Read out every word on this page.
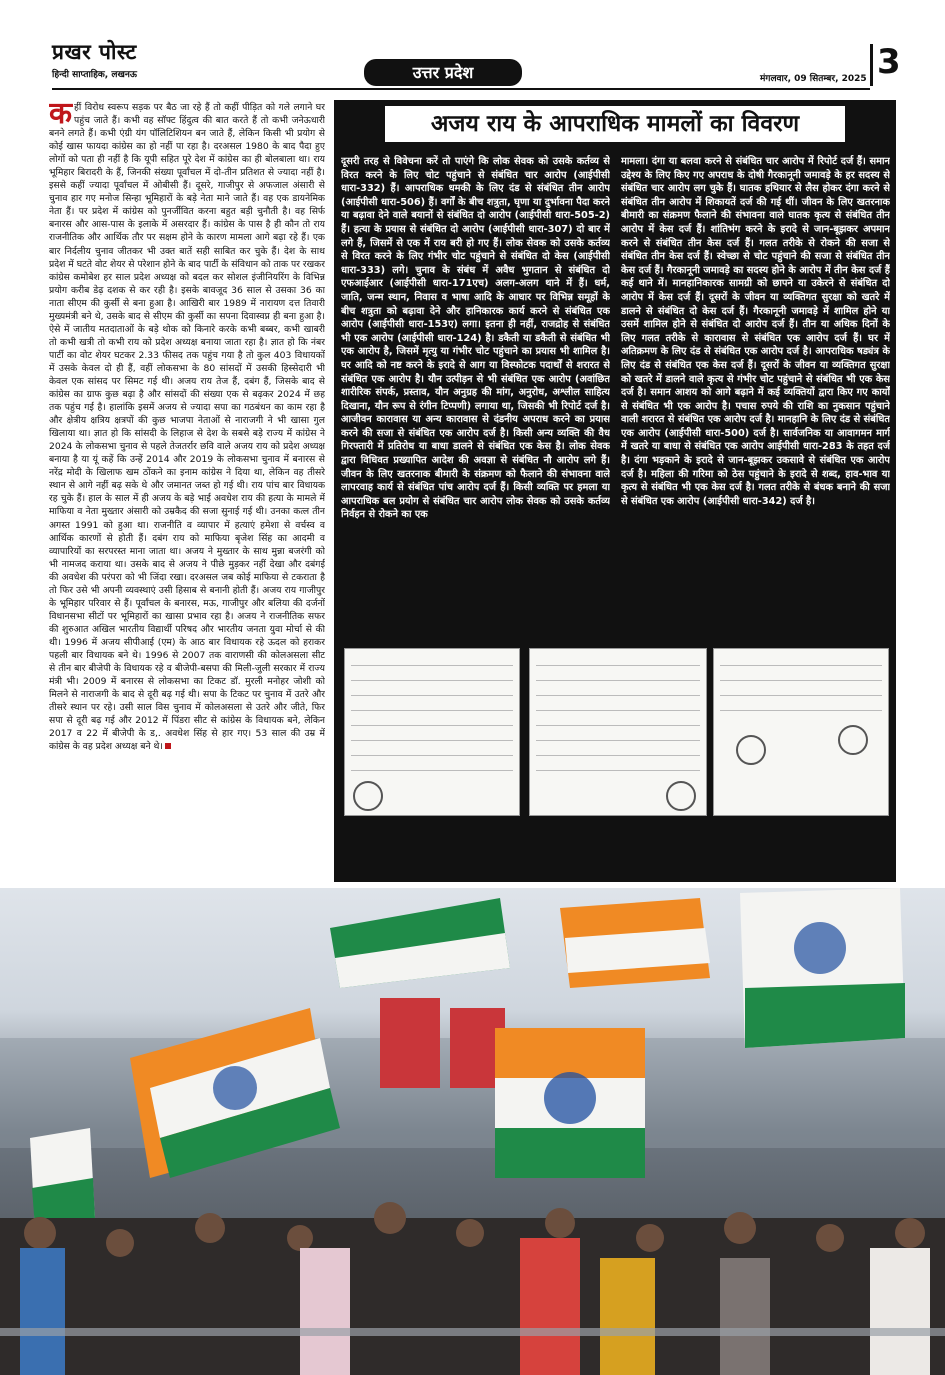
प्रखर पोस्ट
हिन्दी साप्ताहिक, लखनऊ	उत्तर प्रदेश	मंगलवार, 09 सितम्बर, 2025 3
कहीं विरोध स्वरूप सड़क पर बैठ जा रहे हैं तो कहीं पीड़ित को गले लगाने घर पहुंच जाते हैं। कभी वह सॉफ्ट हिंदुत्व की बात करते हैं तो कभी जनेऊधारी बनने लगते हैं। कभी एंग्री यंग पॉलिटिशियन बन जाते हैं, लेकिन किसी भी प्रयोग से कोई खास फायदा कांग्रेस का हो नहीं पा रहा है। दरअसल 1980 के बाद पैदा हुए लोगों को पता ही नहीं है कि यूपी सहित पूरे देश में कांग्रेस का ही बोलबाला था। राय भूमिहार बिरादरी के हैं, जिनकी संख्या पूर्वांचल में दो-तीन प्रतिशत से ज्यादा नहीं है। इससे कहीं ज्यादा पूर्वांचल में ओबीसी हैं। दूसरे, गाजीपुर से अफजाल अंसारी से चुनाव हार गए मनोज सिन्हा भूमिहारों के बड़े नेता माने जाते हैं। वह एक डायनेमिक नेता हैं। पर प्रदेश में कांग्रेस को पुनर्जीवित करना बहुत बड़ी चुनौती है। वह सिर्फ बनारस और आस-पास के इलाके में असरदार हैं। कांग्रेस के पास है ही कौन तो राय राजनीतिक और आर्थिक तौर पर सक्षम होने के कारण मामला आगे बढ़ा रहे हैं। एक बार निर्दलीय चुनाव जीतकर भी उक्त बातें सही साबित कर चुके हैं। देश के साथ प्रदेश में घटते वोट शेयर से परेशान होने के बाद पार्टी के संविधान को ताक पर रखकर कांग्रेस कमोबेश हर साल प्रदेश अध्यक्ष को बदल कर सोशल इंजीनियरिंग के विभिन्न प्रयोग करीब डेढ़ दशक से कर रही है। इसके बावजूद 36 साल से उसका 36 का नाता सीएम की कुर्सी से बना हुआ है। आखिरी बार 1989 में नारायण दत्त तिवारी मुख्यमंत्री बने थे, उसके बाद से सीएम की कुर्सी का सपना दिवास्वप्न ही बना हुआ है। ऐसे में जातीय मतदाताओं के बड़े थोक को किनारे करके कभी बब्बर, कभी खाबरी तो कभी खत्री तो कभी राय को प्रदेश अध्यक्ष बनाया जाता रहा है। ज्ञात हो कि नंबर पार्टी का वोट शेयर घटकर 2.33 फीसद तक पहुंच गया है तो कुल 403 विधायकों में उसके केवल दो ही हैं, वहीं लोकसभा के 80 सांसदों में उसकी हिस्सेदारी भी केवल एक सांसद पर सिमट गई थी। अजय राय तेज हैं, दबंग हैं, जिसके बाद से कांग्रेस का ग्राफ कुछ बढ़ा है और सांसदों की संख्या एक से बढ़कर 2024 में छह तक पहुंच गई है। हालांकि इसमें अजय से ज्यादा सपा का गठबंधन का काम रहा है और क्षेत्रीय क्षत्रिय क्षत्रपों की कुछ भाजपा नेताओं से नाराजगी ने भी खासा गुल खिलाया था। ज्ञात हो कि सांसदी के लिहाज से देश के सबसे बड़े राज्य में कांग्रेस ने 2024 के लोकसभा चुनाव से पहले तेजतर्रार छवि वाले अजय राय को प्रदेश अध्यक्ष बनाया है या यूं कहें कि उन्हें 2014 और 2019 के लोकसभा चुनाव में बनारस से नरेंद्र मोदी के खिलाफ खम ठोंकने का इनाम कांग्रेस ने दिया था, लेकिन वह तीसरे स्थान से आगे नहीं बढ़ सके थे और जमानत जब्त हो गई थी। राय पांच बार विधायक रह चुके हैं। हाल के साल में ही अजय के बड़े भाई अवधेश राय की हत्या के मामले में माफिया व नेता मुख्तार अंसारी को उम्रकैद की सजा सुनाई गई थी। उनका कत्ल तीन अगस्त 1991 को हुआ था। राजनीति व व्यापार में हत्याएं हमेशा से वर्चस्व व आर्थिक कारणों से होती हैं। दबंग राय को माफिया बृजेश सिंह का आदमी व व्यापारियों का सरपरस्त माना जाता था। अजय ने मुख्तार के साथ मुन्ना बजरंगी को भी नामजद कराया था। उसके बाद से अजय ने पीछे मुड़कर नहीं देखा और दबंगई की अवधेश की परंपरा को भी जिंदा रखा। दरअसल जब कोई माफिया से टकराता है तो फिर उसे भी अपनी व्यवस्थाएं उसी हिसाब से बनानी होती हैं। अजय राय गाजीपुर के भूमिहार परिवार से हैं। पूर्वांचल के बनारस, मऊ, गाजीपुर और बलिया की दर्जनों विधानसभा सीटों पर भूमिहारों का खासा प्रभाव रहा है। अजय ने राजनीतिक सफर की शुरुआत अखिल भारतीय विद्यार्थी परिषद और भारतीय जनता युवा मोर्चा से की थी। 1996 में अजय सीपीआई (एम) के आठ बार विधायक रहे ऊदल को हराकर पहली बार विधायक बने थे। 1996 से 2007 तक वाराणसी की कोलअसला सीट से तीन बार बीजेपी के विधायक रहे व बीजेपी-बसपा की मिली-जुली सरकार में राज्य मंत्री भी। 2009 में बनारस से लोकसभा का टिकट डॉ. मुरली मनोहर जोशी को मिलने से नाराजगी के बाद से दूरी बढ़ गई थी। सपा के टिकट पर चुनाव में उतरे और तीसरे स्थान पर रहे। उसी साल विस चुनाव में कोलअसला से उतरे और जीते, फिर सपा से दूरी बढ़ गई और 2012 में पिंडरा सीट से कांग्रेस के विधायक बने, लेकिन 2017 व 22 में बीजेपी के ड,. अवधेश सिंह से हार गए। 53 साल की उम्र में कांग्रेस के वह प्रदेश अध्यक्ष बने थे।
अजय राय के आपराधिक मामलों का विवरण
दूसरी तरह से विवेचना करें तो पाएंगे कि लोक सेवक को उसके कर्तव्य से विरत करने के लिए चोट पहुंचाने से संबंधित चार आरोप (आईपीसी धारा-332) हैं। आपराधिक धमकी के लिए दंड से संबंधित तीन आरोप (आईपीसी धारा-506) हैं। वर्गों के बीच शत्रुता, घृणा या दुर्भावना पैदा करने या बढ़ावा देने वाले बयानों से संबंधित दो आरोप (आईपीसी धारा-505-2) हैं। हत्या के प्रयास से संबंधित दो आरोप (आईपीसी धारा-307) दो बार में लगे हैं, जिसमें से एक में राय बरी हो गए हैं। लोक सेवक को उसके कर्तव्य से विरत करने के लिए गंभीर चोट पहुंचाने से संबंधित दो केस (आईपीसी धारा-333) लगे। चुनाव के संबंध में अवैध भुगतान से संबंधित दो एफआईआर (आईपीसी धारा-171एच) अलग-अलग थाने में हैं। धर्म, जाति, जन्म स्थान, निवास व भाषा आदि के आधार पर विभिन्न समूहों के बीच शत्रुता को बढ़ावा देने और हानिकारक कार्य करने से संबंधित एक आरोप (आईपीसी धारा-153ए) लगा। इतना ही नहीं, राजद्रोह से संबंधित भी एक आरोप (आईपीसी धारा-124) है। डकैती या डकैती से संबंधित भी एक आरोप है, जिसमें मृत्यु या गंभीर चोट पहुंचाने का प्रयास भी शामिल है। घर आदि को नष्ट करने के इरादे से आग या विस्फोटक पदार्थों से शरारत से संबंधित एक आरोप है। यौन उत्पीड़न से भी संबंधित एक आरोप (अवांछित शारीरिक संपर्क, प्रस्ताव, यौन अनुग्रह की मांग, अनुरोध, अश्लील साहित्य दिखाना, यौन रूप से रंगीन टिप्पणी) लगाया था, जिसकी भी रिपोर्ट दर्ज है। आजीवन कारावास या अन्य कारावास से दंडनीय अपराध करने का प्रयास करने की सजा से संबंधित एक आरोप दर्ज है। किसी अन्य व्यक्ति की वैध गिरफ्तारी में प्रतिरोध या बाधा डालने से संबंधित एक केस है। लोक सेवक द्वारा विधिवत प्रख्यापित आदेश की अवज्ञा से संबंधित नौ आरोप लगे हैं। जीवन के लिए खतरनाक बीमारी के संक्रमण को फैलाने की संभावना वाले लापरवाह कार्य से संबंधित पांच आरोप दर्ज हैं। किसी व्यक्ति पर हमला या आपराधिक बल प्रयोग से संबंधित चार आरोप लोक सेवक को उसके कर्तव्य निर्वहन से रोकने का एक
मामला। दंगा या बलवा करने से संबंधित चार आरोप में रिपोर्ट दर्ज हैं। समान उद्देश्य के लिए किए गए अपराध के दोषी गैरकानूनी जमावड़े के हर सदस्य से संबंधित चार आरोप लग चुके हैं। घातक हथियार से लैस होकर दंगा करने से संबंधित तीन आरोप में शिकायतें दर्ज की गई थीं। जीवन के लिए खतरनाक बीमारी का संक्रमण फैलाने की संभावना वाले घातक कृत्य से संबंधित तीन आरोप में केस दर्ज हैं। शांतिभंग करने के इरादे से जान-बूझकर अपमान करने से संबंधित तीन केस दर्ज हैं। गलत तरीके से रोकने की सजा से संबंधित तीन केस दर्ज हैं। स्वेच्छा से चोट पहुंचाने की सजा से संबंधित तीन केस दर्ज हैं। गैरकानूनी जमावड़े का सदस्य होने के आरोप में तीन केस दर्ज हैं कई थाने में। मानहानिकारक सामग्री को छापने या उकेरने से संबंधित दो आरोप में केस दर्ज हैं। दूसरों के जीवन या व्यक्तिगत सुरक्षा को खतरे में डालने से संबंधित दो केस दर्ज हैं। गैरकानूनी जमावड़े में शामिल होने या उसमें शामिल होने से संबंधित दो आरोप दर्ज हैं। तीन या अधिक दिनों के लिए गलत तरीके से कारावास से संबंधित एक आरोप दर्ज हैं। घर में अतिक्रमण के लिए दंड से संबंधित एक आरोप दर्ज है। आपराधिक षड्यंत्र के लिए दंड से संबंधित एक केस दर्ज हैं। दूसरों के जीवन या व्यक्तिगत सुरक्षा को खतरे में डालने वाले कृत्य से गंभीर चोट पहुंचाने से संबंधित भी एक केस दर्ज है। समान आशय को आगे बढ़ाने में कई व्यक्तियों द्वारा किए गए कार्यों से संबंधित भी एक आरोप है। पचास रुपये की राशि का नुकसान पहुंचाने वाली शरारत से संबंधित एक आरोप दर्ज है। मानहानि के लिए दंड से संबंधित एक आरोप (आईपीसी धारा-500) दर्ज है। सार्वजनिक या आवागमन मार्ग में खतरे या बाधा से संबंधित एक आरोप आईपीसी धारा-283 के तहत दर्ज है। दंगा भड़काने के इरादे से जान-बूझकर उकसावे से संबंधित एक आरोप दर्ज है। महिला की गरिमा को ठेस पहुंचाने के इरादे से शब्द, हाव-भाव या कृत्य से संबंधित भी एक केस दर्ज है। गलत तरीके से बंधक बनाने की सजा से संबंधित एक आरोप (आईपीसी धारा-342) दर्ज है।
